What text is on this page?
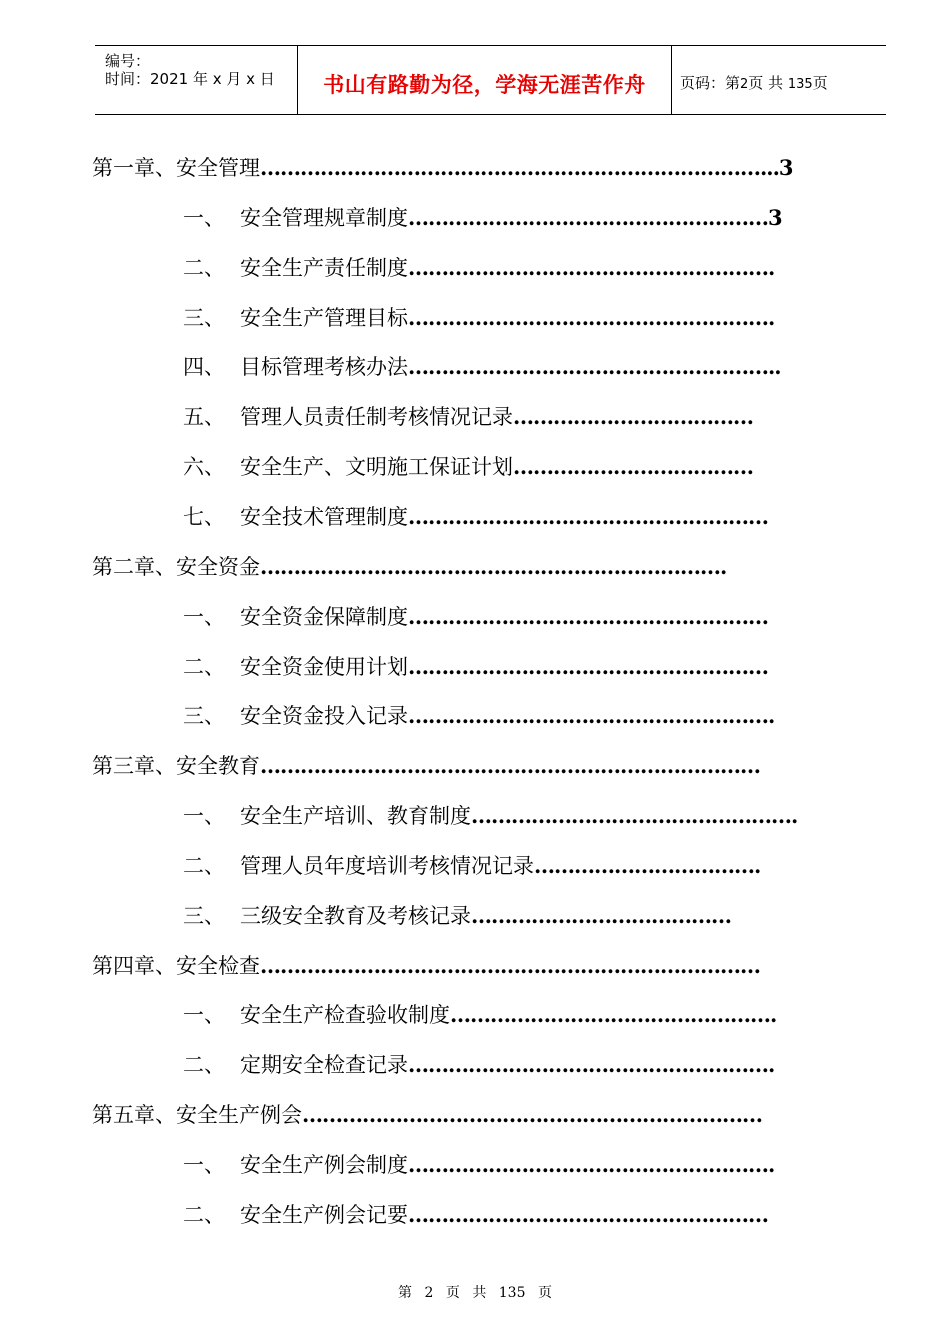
编号：
时间：2021 年 x 月 x 日	书山有路勤为径，学海无涯苦作舟	页码：第2页 共 135页
第一章、安全管理…………………………………………………………………...3
一、 安全管理规章制度………………………………………………3
二、 安全生产责任制度……………………………………………….
三、 安全生产管理目标……………………………………………….
四、 目标管理考核办法………………………………………………..
五、 管理人员责任制考核情况记录………………………………
六、 安全生产、文明施工保证计划………………………………
七、 安全技术管理制度………………………………………………
第二章、安全资金…………………………………………………………….
一、 安全资金保障制度………………………………………………
二、 安全资金使用计划………………………………………………
三、 安全资金投入记录……………………………………………….
第三章、安全教育…………………………………………………………………
一、 安全生产培训、教育制度………………………………………….
二、 管理人员年度培训考核情况记录…………………………….
三、 三级安全教育及考核记录…………………………………
第四章、安全检查…………………………………………………………………
一、 安全生产检查验收制度………………………………………….
二、 定期安全检查记录……………………………………………….
第五章、安全生产例会……………………………………………………………
一、 安全生产例会制度……………………………………………….
二、 安全生产例会记要………………………………………………
第 2 页 共 135 页
